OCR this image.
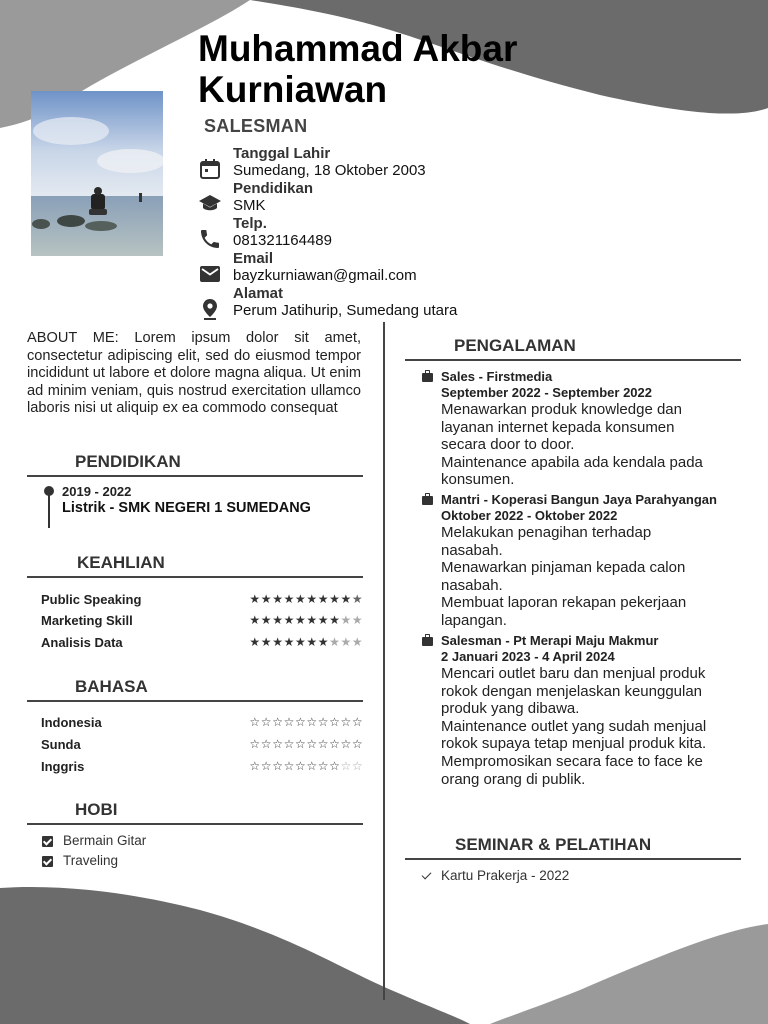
Muhammad Akbar
Kurniawan
SALESMAN
Tanggal Lahir
Sumedang, 18 Oktober 2003
Pendidikan
SMK
Telp.
081321164489
Email
bayzkurniawan@gmail.com
Alamat
Perum Jatihurip, Sumedang utara
ABOUT ME: Lorem ipsum dolor sit amet, consectetur adipiscing elit, sed do eiusmod tempor incididunt ut labore et dolore magna aliqua. Ut enim ad minim veniam, quis nostrud exercitation ullamco laboris nisi ut aliquip ex ea commodo consequat
PENDIDIKAN
2019 - 2022
Listrik - SMK NEGERI 1 SUMEDANG
KEAHLIAN
Public Speaking	★ ★ ★ ★ ★ ★ ★ ★ ★ ★
Marketing Skill	★ ★ ★ ★ ★ ★ ★ ★ ★ ★
Analisis Data	★ ★ ★ ★ ★ ★ ★ ★ ★ ★
BAHASA
Indonesia	☆ ☆ ☆ ☆ ☆ ☆ ☆ ☆ ☆ ☆
Sunda	☆ ☆ ☆ ☆ ☆ ☆ ☆ ☆ ☆ ☆
Inggris	☆ ☆ ☆ ☆ ☆ ☆ ☆ ☆ ☆ ☆
HOBI
Bermain Gitar
Traveling
PENGALAMAN
Sales - Firstmedia
September 2022 - September 2022
Menawarkan produk knowledge dan
layanan internet kepada konsumen
secara door to door.
Maintenance apabila ada kendala pada
konsumen.
Mantri - Koperasi Bangun Jaya Parahyangan
Oktober 2022 - Oktober 2022
Melakukan penagihan terhadap
nasabah.
Menawarkan pinjaman kepada calon
nasabah.
Membuat laporan rekapan pekerjaan
lapangan.
Salesman - Pt Merapi Maju Makmur
2 Januari 2023 - 4 April 2024
Mencari outlet baru dan menjual produk
rokok dengan menjelaskan keunggulan
produk yang dibawa.
Maintenance outlet yang sudah menjual
rokok supaya tetap menjual produk kita.
Mempromosikan secara face to face ke
orang orang di publik.
SEMINAR & PELATIHAN
Kartu Prakerja - 2022
